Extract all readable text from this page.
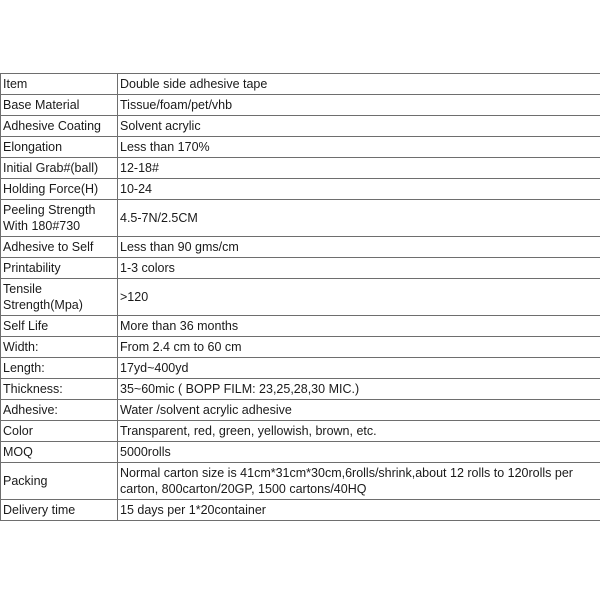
Item	Double side adhesive tape
Base Material	Tissue/foam/pet/vhb
Adhesive Coating	Solvent acrylic
Elongation	Less than 170%
Initial Grab#(ball)	12-18#
Holding Force(H)	10-24
Peeling Strength With 180#730	4.5-7N/2.5CM
Adhesive to Self	Less than 90 gms/cm
Printability	1-3 colors
Tensile Strength(Mpa)	>120
Self Life	More than 36 months
Width:	From 2.4 cm to 60 cm
Length:	17yd~400yd
Thickness:	35~60mic ( BOPP FILM: 23,25,28,30 MIC.)
Adhesive:	Water /solvent acrylic adhesive
Color	Transparent, red, green, yellowish, brown, etc.
MOQ	5000rolls
Packing	Normal carton size is 41cm*31cm*30cm,6rolls/shrink,about 12 rolls to 120rolls per carton, 800carton/20GP, 1500 cartons/40HQ
Delivery time	15 days per 1*20container
